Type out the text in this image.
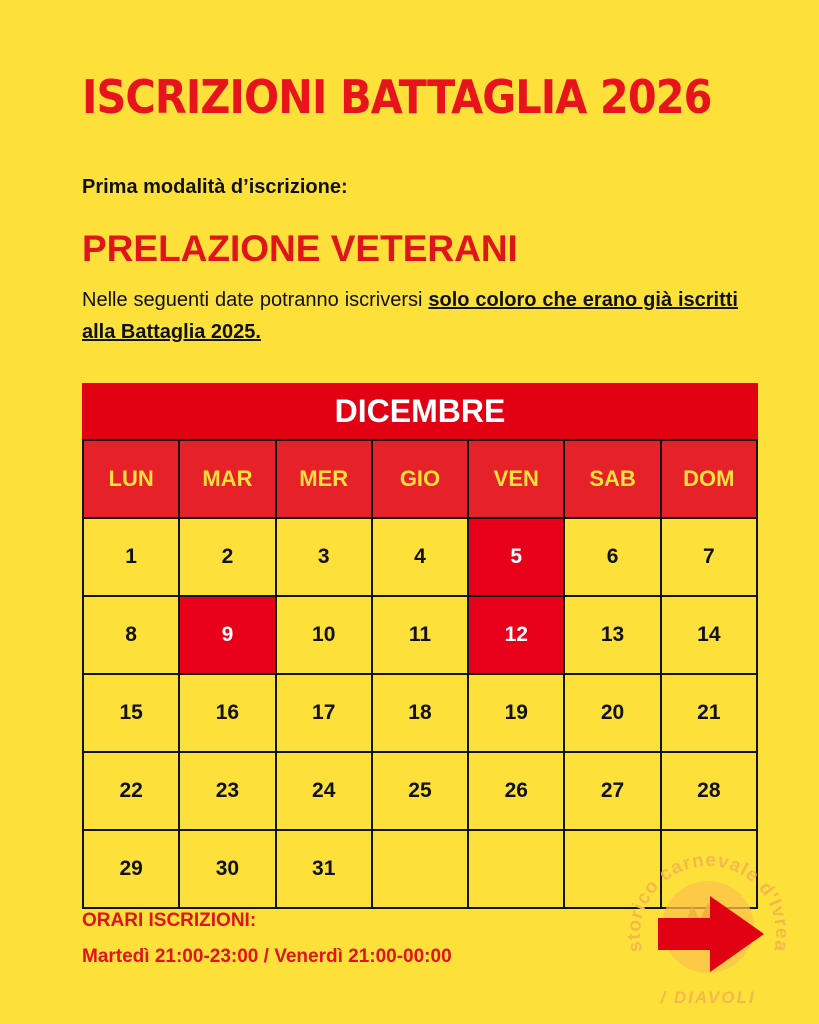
ISCRIZIONI BATTAGLIA 2026
Prima modalità d’iscrizione:
PRELAZIONE VETERANI
Nelle seguenti date potranno iscriversi solo coloro che erano già iscritti alla Battaglia 2025.
DICEMBRE
LUN	MAR	MER	GIO	VEN	SAB	DOM
1	2	3	4	5	6	7
8	9	10	11	12	13	14
15	16	17	18	19	20	21
22	23	24	25	26	27	28
29	30	31				
ORARI ISCRIZIONI:
Martedì 21:00-23:00 / Venerdì 21:00-00:00	storico carnevale d'Ivrea
/ DIAVOLI
